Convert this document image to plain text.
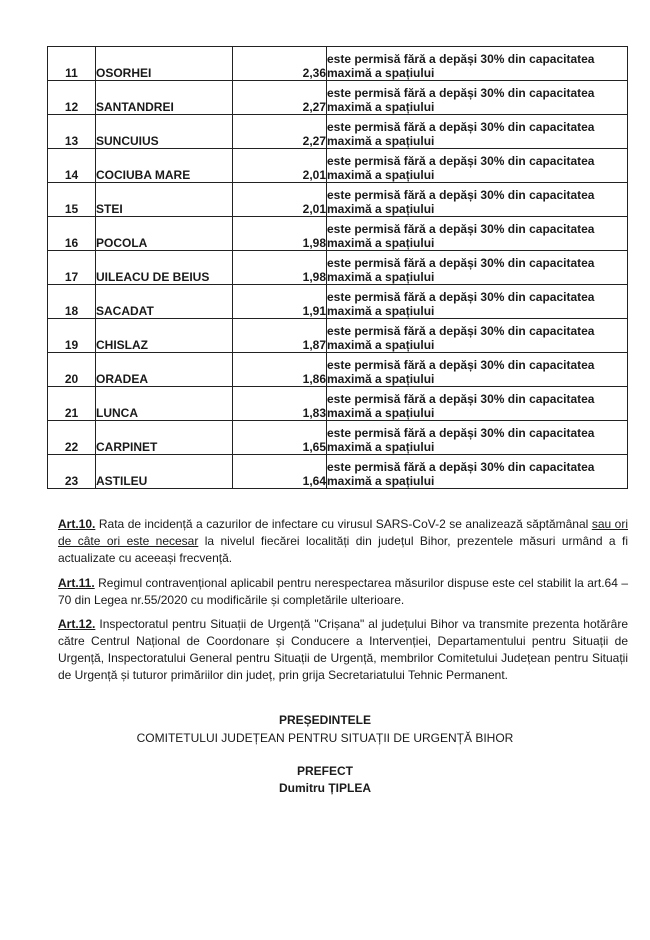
11	OSORHEI	2,36	este permisă fără a depăși 30% din capacitatea
maximă a spațiului

12	SANTANDREI	2,27	este permisă fără a depăși 30% din capacitatea
maximă a spațiului

13	SUNCUIUS	2,27	este permisă fără a depăși 30% din capacitatea
maximă a spațiului

14	COCIUBA MARE	2,01	este permisă fără a depăși 30% din capacitatea
maximă a spațiului

15	STEI	2,01	este permisă fără a depăși 30% din capacitatea
maximă a spațiului

16	POCOLA	1,98	este permisă fără a depăși 30% din capacitatea
maximă a spațiului

17	UILEACU DE BEIUS	1,98	este permisă fără a depăși 30% din capacitatea
maximă a spațiului

18	SACADAT	1,91	este permisă fără a depăși 30% din capacitatea
maximă a spațiului

19	CHISLAZ	1,87	este permisă fără a depăși 30% din capacitatea
maximă a spațiului

20	ORADEA	1,86	este permisă fără a depăși 30% din capacitatea
maximă a spațiului

21	LUNCA	1,83	este permisă fără a depăși 30% din capacitatea
maximă a spațiului

22	CARPINET	1,65	este permisă fără a depăși 30% din capacitatea
maximă a spațiului

23	ASTILEU	1,64	este permisă fără a depăși 30% din capacitatea
maximă a spațiului
Art.10. Rata de incidență a cazurilor de infectare cu virusul SARS-CoV-2 se analizează săptămânal sau ori de câte ori este necesar la nivelul fiecărei localități din județul Bihor, prezentele măsuri urmând a fi actualizate cu aceeași frecvență.
Art.11. Regimul contravențional aplicabil pentru nerespectarea măsurilor dispuse este cel stabilit la art.64 – 70 din Legea nr.55/2020 cu modificările și completările ulterioare.
Art.12. Inspectoratul pentru Situații de Urgență "Crișana" al județului Bihor va transmite prezenta hotărâre către Centrul Național de Coordonare și Conducere a Intervenției, Departamentului pentru Situații de Urgență, Inspectoratului General pentru Situații de Urgență, membrilor Comitetului Județean pentru Situații de Urgență și tuturor primăriilor din județ, prin grija Secretariatului Tehnic Permanent.
PREȘEDINTELE
COMITETULUI JUDEȚEAN PENTRU SITUAȚII DE URGENȚĂ BIHOR
PREFECT
Dumitru ȚIPLEA
